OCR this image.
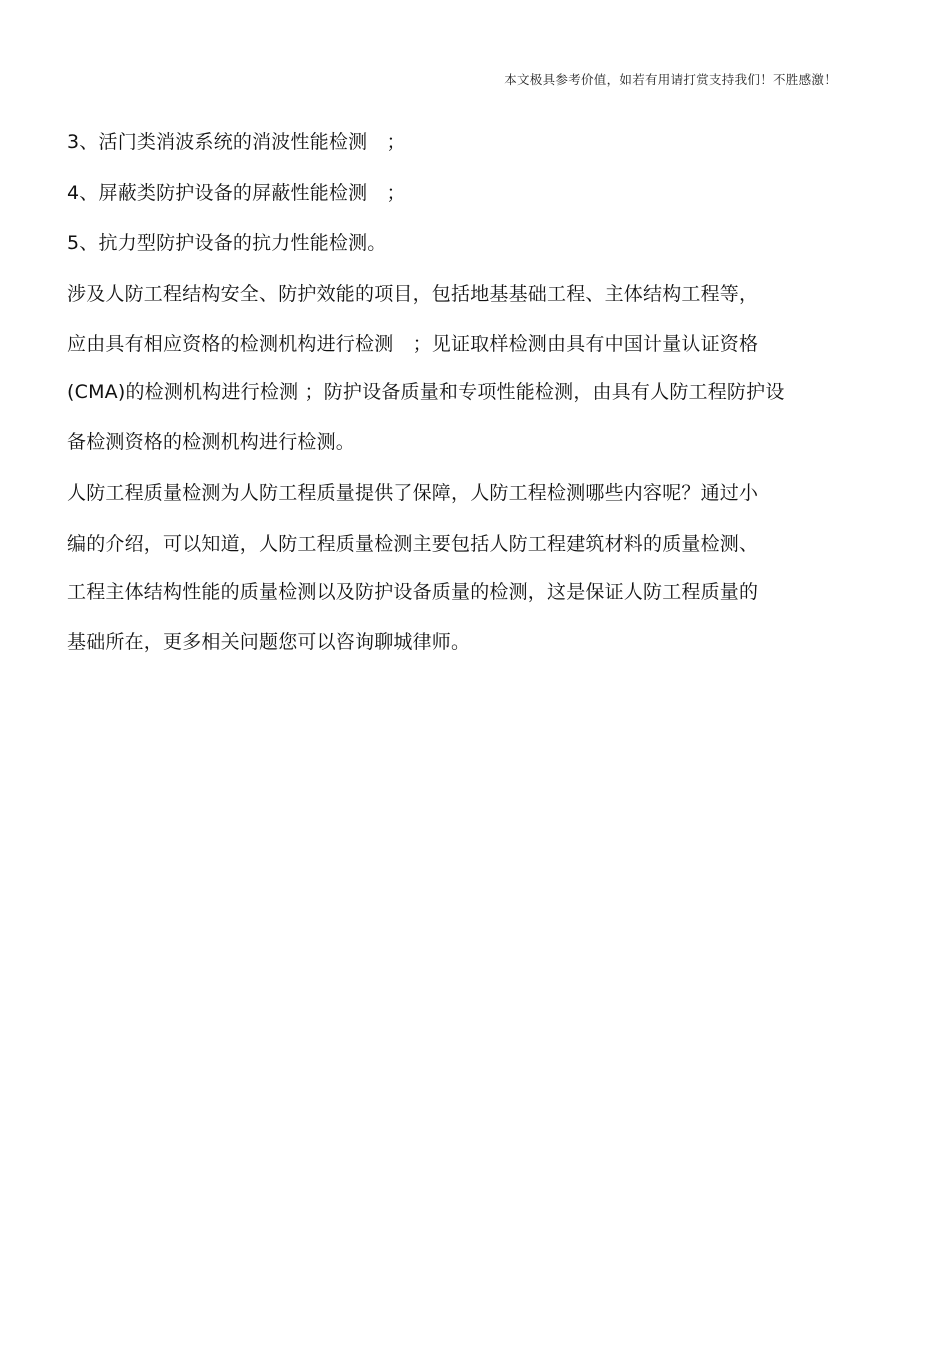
本文极具参考价值，如若有用请打赏支持我们！不胜感激！
3、活门类消波系统的消波性能检测　；
4、屏蔽类防护设备的屏蔽性能检测　；
5、抗力型防护设备的抗力性能检测。
涉及人防工程结构安全、防护效能的项目，包括地基基础工程、主体结构工程等，
应由具有相应资格的检测机构进行检测　；见证取样检测由具有中国计量认证资格
(CMA)的检测机构进行检测 ；防护设备质量和专项性能检测，由具有人防工程防护设
备检测资格的检测机构进行检测。
人防工程质量检测为人防工程质量提供了保障，人防工程检测哪些内容呢？通过小
编的介绍，可以知道，人防工程质量检测主要包括人防工程建筑材料的质量检测、
工程主体结构性能的质量检测以及防护设备质量的检测，这是保证人防工程质量的
基础所在，更多相关问题您可以咨询聊城律师。
